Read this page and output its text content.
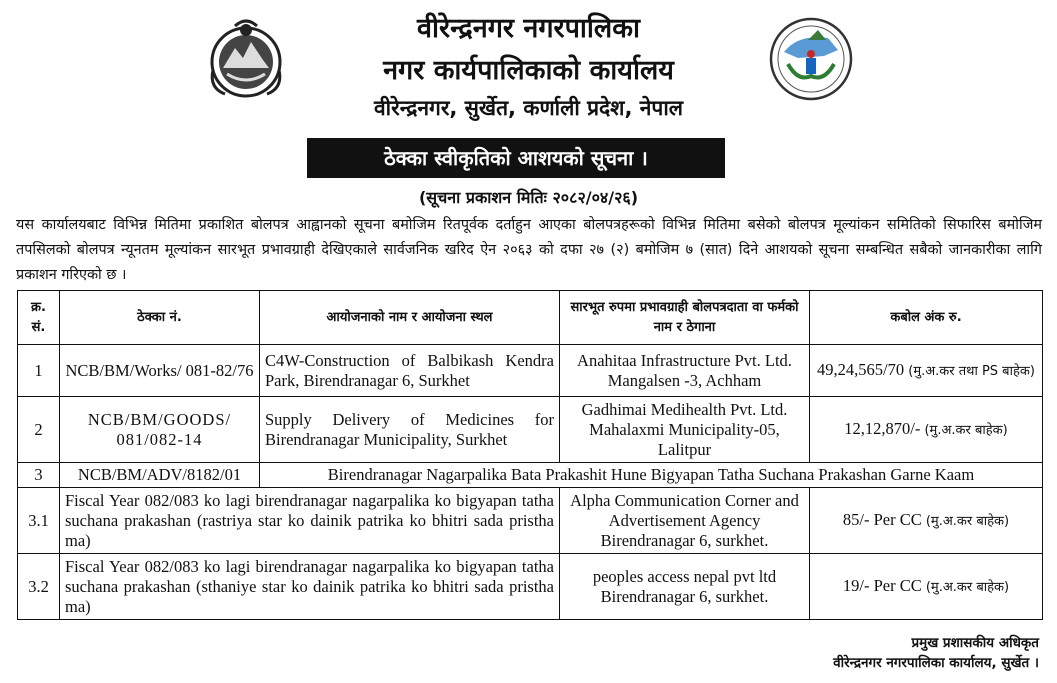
वीरेन्द्रनगर नगरपालिका
नगर कार्यपालिकाको कार्यालय
वीरेन्द्रनगर, सुर्खेत, कर्णाली प्रदेश, नेपाल
ठेक्का स्वीकृतिको आशयको सूचना ।
(सूचना प्रकाशन मितिः २०८२/०४/२६)
यस कार्यालयबाट विभिन्न मितिमा प्रकाशित बोलपत्र आह्वानको सूचना बमोजिम रितपूर्वक दर्ताहुन आएका बोलपत्रहरूको विभिन्न मितिमा बसेको बोलपत्र मूल्यांकन समितिको सिफारिस बमोजिम तपसिलको बोलपत्र न्यूनतम मूल्यांकन सारभूत प्रभावग्राही देखिएकाले सार्वजनिक खरिद ऐन २०६३ को दफा २७ (२) बमोजिम ७ (सात) दिने आशयको सूचना सम्बन्धित सबैको जानकारीका लागि प्रकाशन गरिएको छ ।
क्र. सं.	ठेक्का नं.	आयोजनाको नाम र आयोजना स्थल	सारभूत रुपमा प्रभावग्राही बोलपत्रदाता वा फर्मको नाम र ठेगाना	कबोल अंक रु.
1	NCB/BM/Works/ 081-82/76	C4W-Construction of Balbikash Kendra Park, Birendranagar 6, Surkhet	Anahitaa Infrastructure Pvt. Ltd. Mangalsen -3, Achham	49,24,565/70 (मु.अ.कर तथा PS बाहेक)
2	NCB/BM/GOODS/ 081/082-14	Supply Delivery of Medicines for Birendranagar Municipality, Surkhet	Gadhimai Medihealth Pvt. Ltd. Mahalaxmi Municipality-05, Lalitpur	12,12,870/- (मु.अ.कर बाहेक)
3	NCB/BM/ADV/8182/01	Birendranagar Nagarpalika Bata Prakashit Hune Bigyapan Tatha Suchana Prakashan Garne Kaam		
3.1	Fiscal Year 082/083 ko lagi birendranagar nagarpalika ko bigyapan tatha suchana prakashan (rastriya star ko dainik patrika ko bhitri sada pristha ma)		Alpha Communication Corner and Advertisement Agency Birendranagar 6, surkhet.	85/- Per CC (मु.अ.कर बाहेक)
3.2	Fiscal Year 082/083 ko lagi birendranagar nagarpalika ko bigyapan tatha suchana prakashan (sthaniye star ko dainik patrika ko bhitri sada pristha ma)		peoples access nepal pvt ltd Birendranagar 6, surkhet.	19/- Per CC (मु.अ.कर बाहेक)
प्रमुख प्रशासकीय अधिकृत
वीरेन्द्रनगर नगरपालिका कार्यालय, सुर्खेत ।
